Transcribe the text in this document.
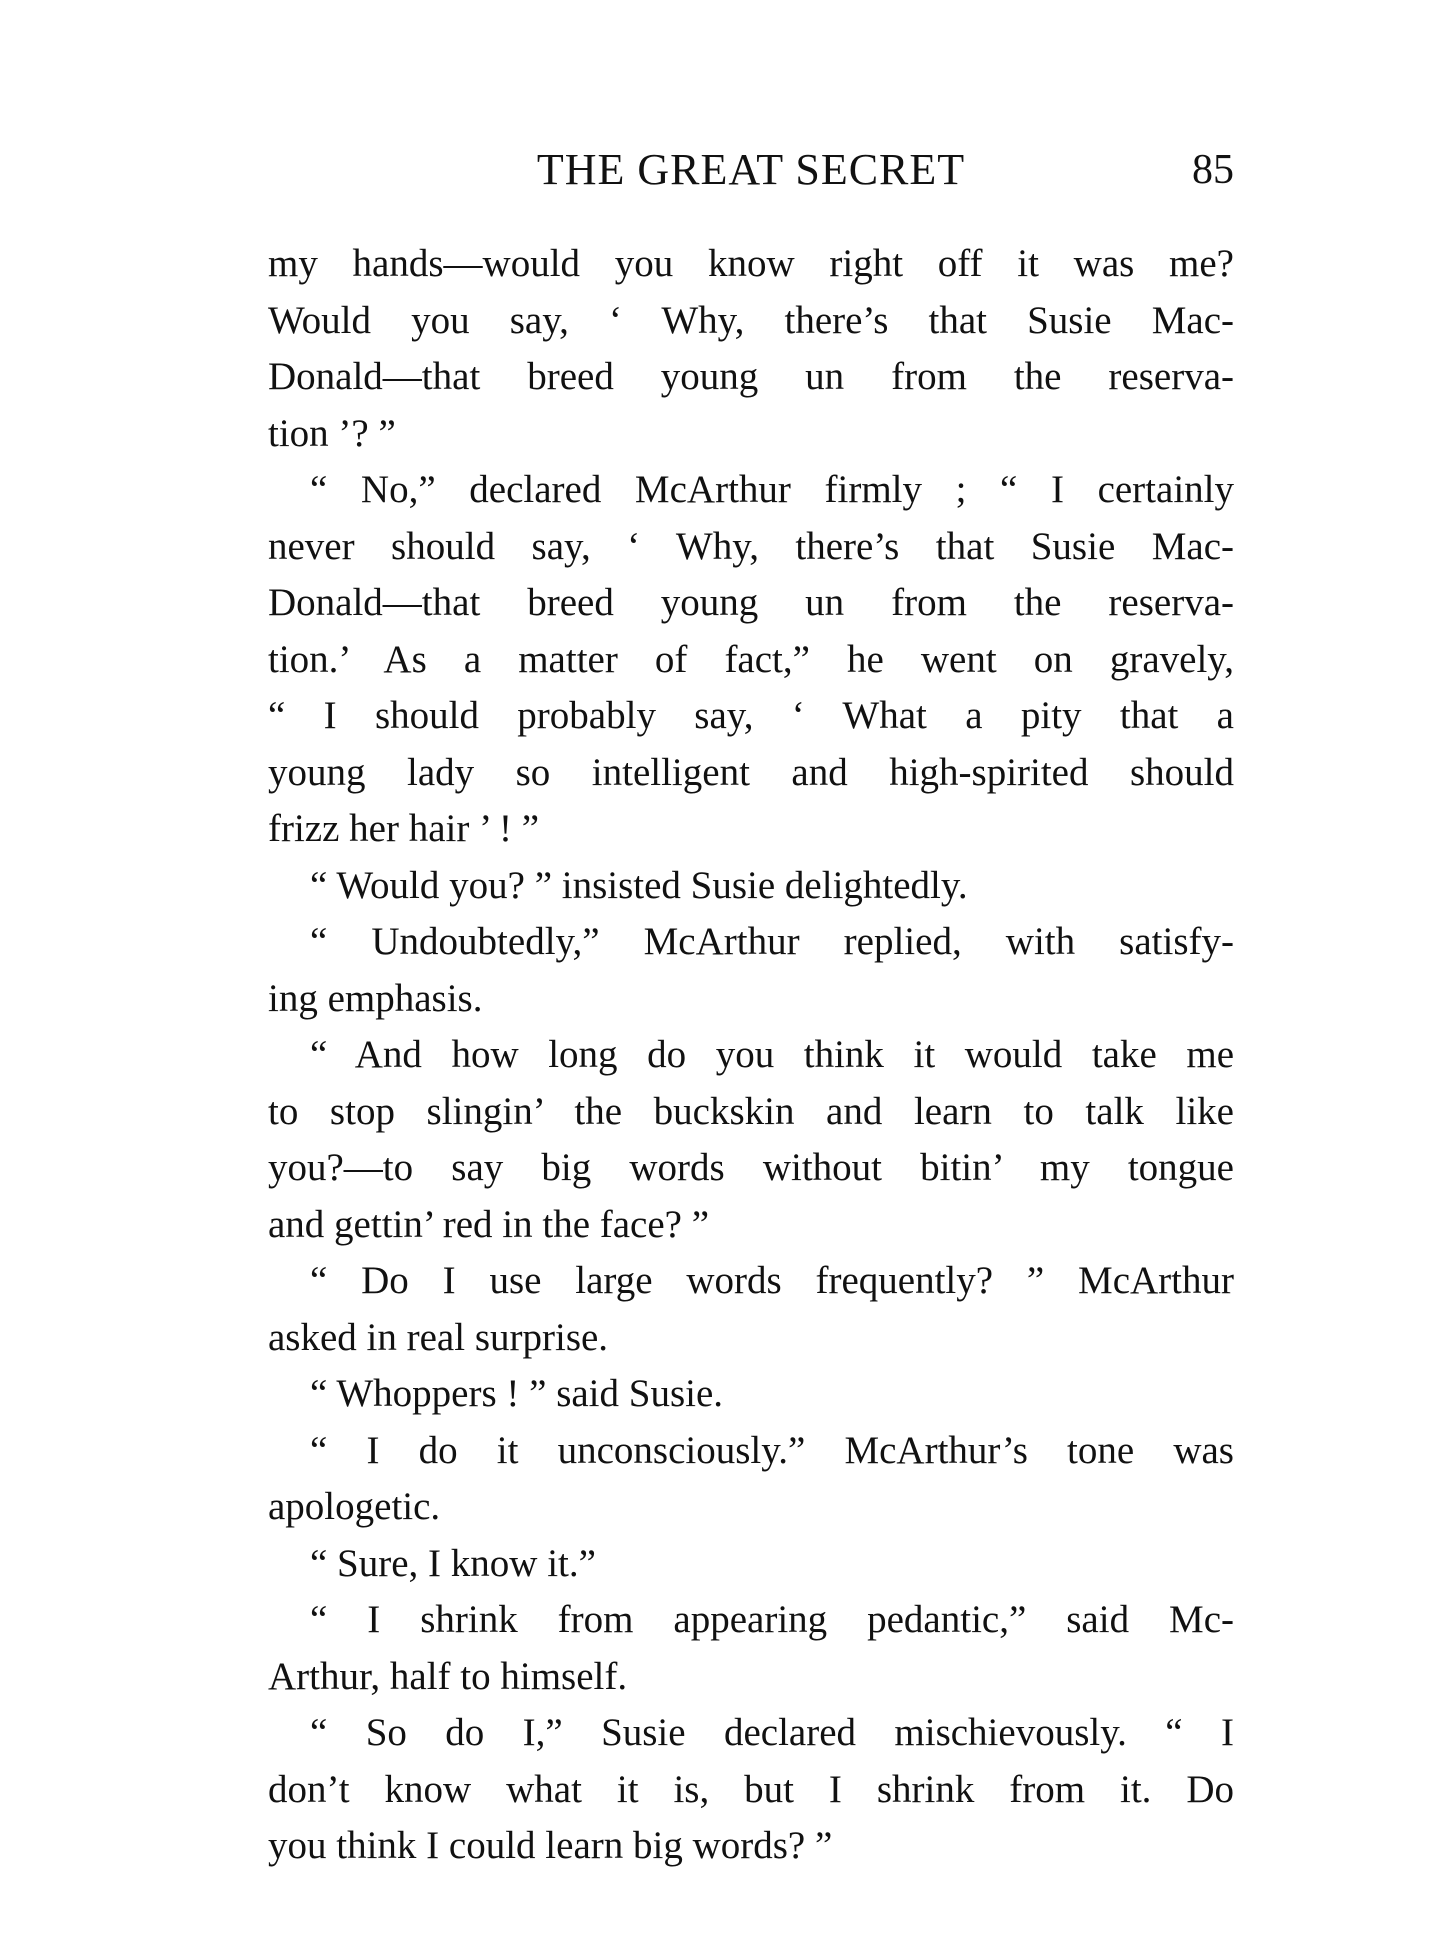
THE GREAT SECRET	85

my hands—would you know right off it was me?
Would you say, ‘ Why, there’s that Susie Mac-
Donald—that breed young un from the reserva-
tion ’? ”

“ No,” declared McArthur firmly ; “ I certainly
never should say, ‘ Why, there’s that Susie Mac-
Donald—that breed young un from the reserva-
tion.’ As a matter of fact,” he went on gravely,
“ I should probably say, ‘ What a pity that a
young lady so intelligent and high-spirited should
frizz her hair ’ ! ”

“ Would you? ” insisted Susie delightedly.

“ Undoubtedly,” McArthur replied, with satisfy-
ing emphasis.

“ And how long do you think it would take me
to stop slingin’ the buckskin and learn to talk like
you?—to say big words without bitin’ my tongue
and gettin’ red in the face? ”

“ Do I use large words frequently? ” McArthur
asked in real surprise.

“ Whoppers ! ” said Susie.

“ I do it unconsciously.” McArthur’s tone was
apologetic.

“ Sure, I know it.”

“ I shrink from appearing pedantic,” said Mc-
Arthur, half to himself.

“ So do I,” Susie declared mischievously. “ I
don’t know what it is, but I shrink from it. Do
you think I could learn big words? ”
